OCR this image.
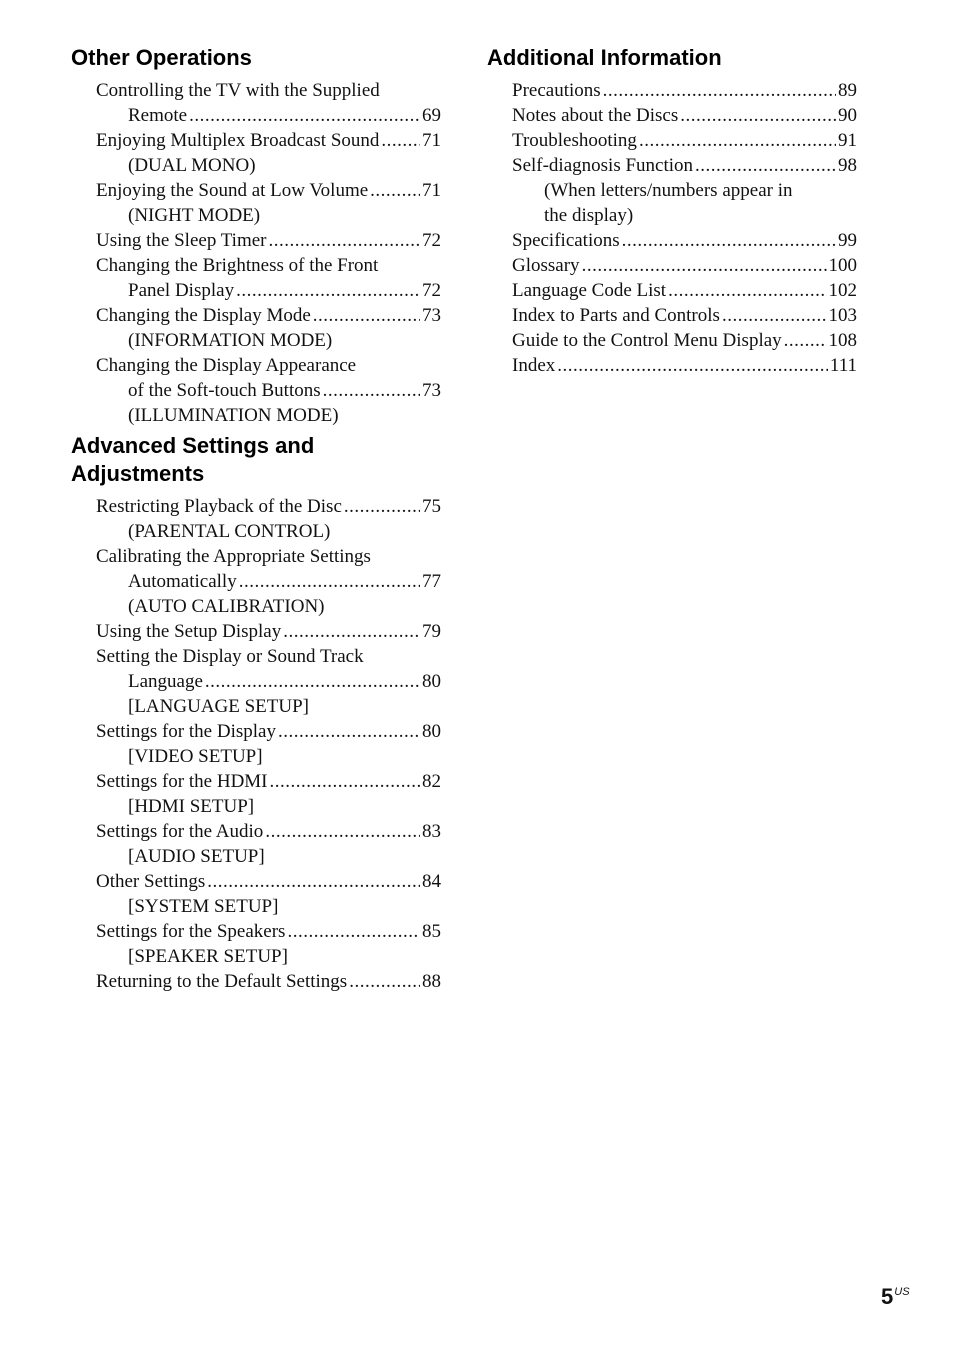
Other Operations
Controlling the TV with the Supplied
Remote .....	69
Enjoying Multiplex Broadcast Sound ..... 71
(DUAL MONO)
Enjoying the Sound at Low Volume .....	71
(NIGHT MODE)
Using the Sleep Timer .....	72
Changing the Brightness of the Front
Panel Display .....	72
Changing the Display Mode .....	73
(INFORMATION MODE)
Changing the Display Appearance
of the Soft-touch Buttons .....	73
(ILLUMINATION MODE)
Advanced Settings and Adjustments
Restricting Playback of the Disc .....	75
(PARENTAL CONTROL)
Calibrating the Appropriate Settings
Automatically .....	77
(AUTO CALIBRATION)
Using the Setup Display .....	79
Setting the Display or Sound Track
Language .....	80
[LANGUAGE SETUP]
Settings for the Display .....	80
[VIDEO SETUP]
Settings for the HDMI .....	82
[HDMI SETUP]
Settings for the Audio .....	83
[AUDIO SETUP]
Other Settings .....	84
[SYSTEM SETUP]
Settings for the Speakers .....	85
[SPEAKER SETUP]
Returning to the Default Settings .....	88
Additional Information
Precautions .....	89
Notes about the Discs .....	90
Troubleshooting .....	91
Self-diagnosis Function .....	98
(When letters/numbers appear in
the display)
Specifications .....	99
Glossary .....	100
Language Code List .....	102
Index to Parts and Controls .....	103
Guide to the Control Menu Display ..... 108
Index .....	111
$5^{US}$
